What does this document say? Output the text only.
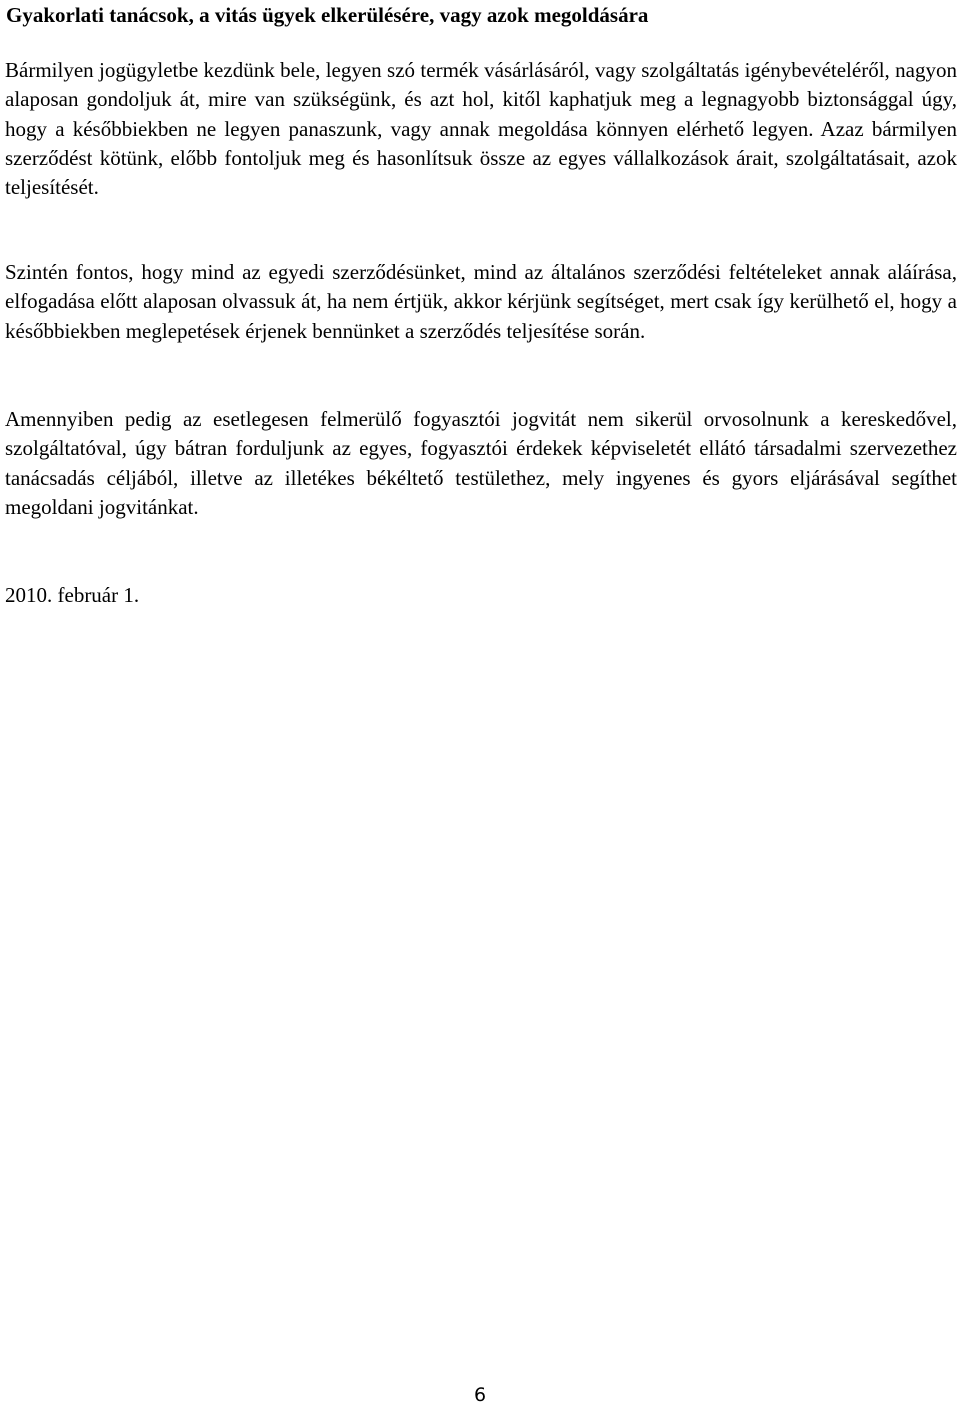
Gyakorlati tanácsok, a vitás ügyek elkerülésére, vagy azok megoldására

Bármilyen jogügyletbe kezdünk bele, legyen szó termék vásárlásáról, vagy szolgáltatás igénybevételéről, nagyon alaposan gondoljuk át, mire van szükségünk, és azt hol, kitől kaphatjuk meg a legnagyobb biztonsággal úgy, hogy a későbbiekben ne legyen panaszunk, vagy annak megoldása könnyen elérhető legyen. Azaz bármilyen szerződést kötünk, előbb fontoljuk meg és hasonlítsuk össze az egyes vállalkozások árait, szolgáltatásait, azok teljesítését.

Szintén fontos, hogy mind az egyedi szerződésünket, mind az általános szerződési feltételeket annak aláírása, elfogadása előtt alaposan olvassuk át, ha nem értjük, akkor kérjünk segítséget, mert csak így kerülhető el, hogy a későbbiekben meglepetések érjenek bennünket a szerződés teljesítése során.

Amennyiben pedig az esetlegesen felmerülő fogyasztói jogvitát nem sikerül orvosolnunk a kereskedővel, szolgáltatóval, úgy bátran forduljunk az egyes, fogyasztói érdekek képviseletét ellátó társadalmi szervezethez tanácsadás céljából, illetve az illetékes békéltető testülethez, mely ingyenes és gyors eljárásával segíthet megoldani jogvitánkat.

2010. február 1.

6
